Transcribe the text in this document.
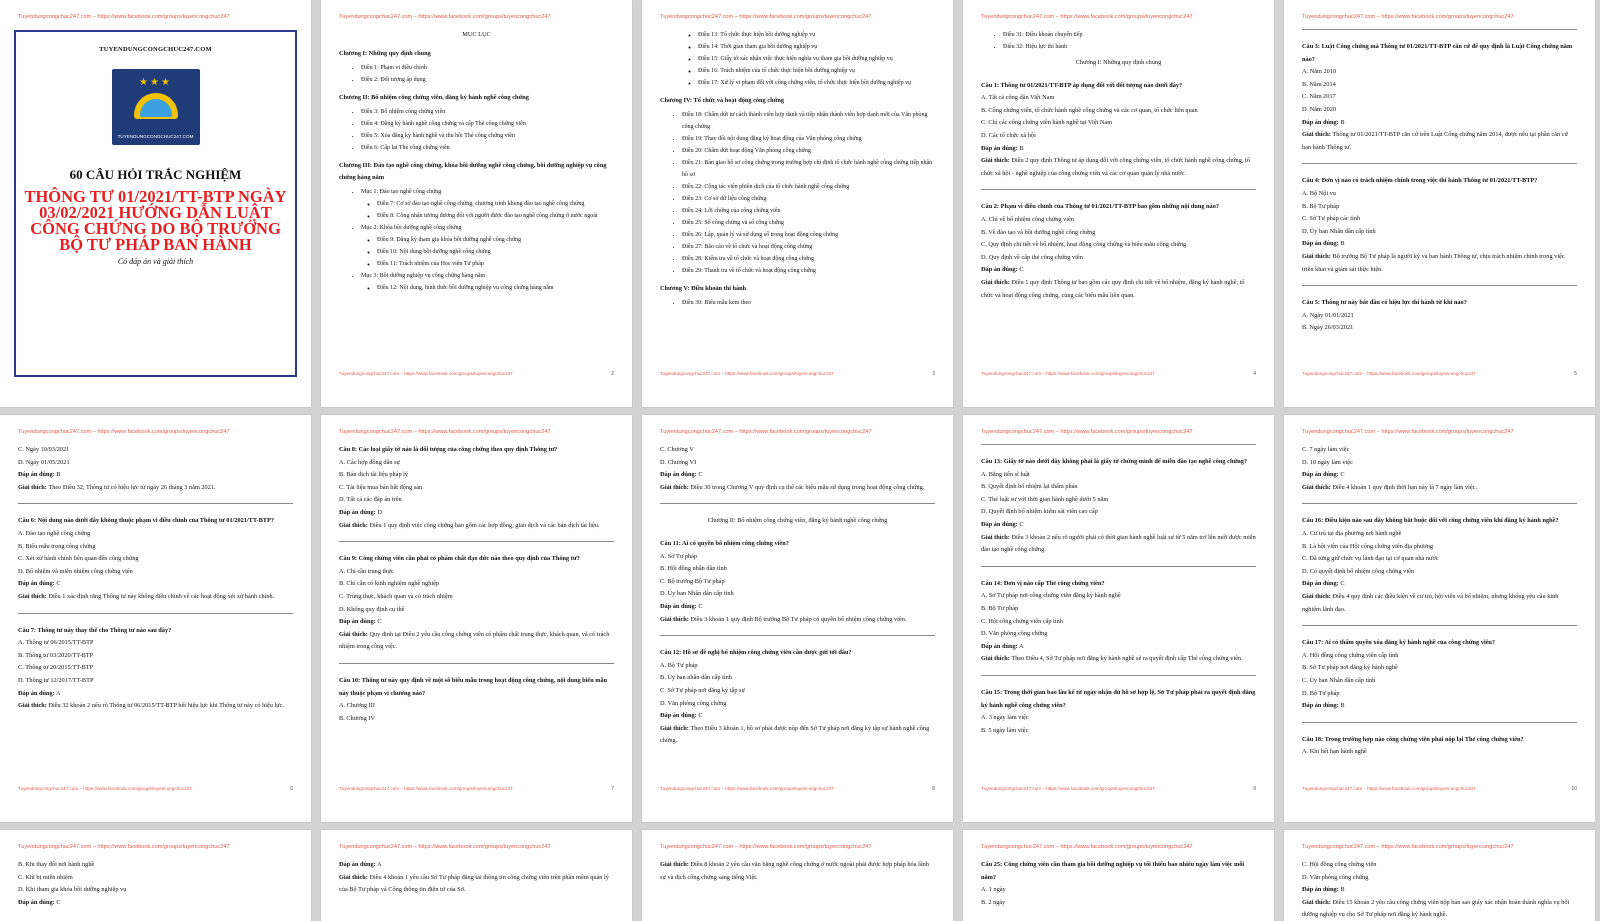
Tuyendungcongchuc247.com – https://www.facebook.com/groups/tuyencongchuc247
TUYENDUNGCONGCHUC247.COM
★★★
TUYENDUNGCONGCHUC247.COM
60 CÂU HỎI TRẮC NGHIỆM
THÔNG TƯ 01/2021/TT-BTP NGÀY 03/02/2021 HƯỚNG DẪN LUẬT CÔNG CHỨNG DO BỘ TRƯỞNG BỘ TƯ PHÁP BAN HÀNH
Có đáp án và giải thích
Tuyendungcongchuc247.com – https://www.facebook.com/groups/tuyencongchuc247

MỤC LỤC

Chương I: Những quy định chung
• Điều 1: Phạm vi điều chỉnh
• Điều 2: Đối tượng áp dụng
Chương II: Bổ nhiệm công chứng viên, đăng ký hành nghề công chứng
• Điều 3: Bổ nhiệm công chứng viên
• Điều 4: Đăng ký hành nghề công chứng và cấp Thẻ công chứng viên
• Điều 5: Xóa đăng ký hành nghề và thu hồi Thẻ công chứng viên
• Điều 6: Cấp lại Thẻ công chứng viên
Chương III: Đào tạo nghề công chứng, khóa bồi dưỡng nghề công chứng, bồi dưỡng nghiệp vụ công chứng hàng năm
• Mục 1: Đào tạo nghề công chứng
◦ Điều 7: Cơ sở đào tạo nghề công chứng, chương trình khung đào tạo nghề công chứng
◦ Điều 8: Công nhận tương đương đối với người được đào tạo nghề công chứng ở nước ngoài
• Mục 2: Khóa bồi dưỡng nghề công chứng
◦ Điều 9: Đăng ký tham gia khóa bồi dưỡng nghề công chứng
◦ Điều 10: Nội dung bồi dưỡng nghề công chứng
◦ Điều 11: Trách nhiệm của Học viên Tư pháp
• Mục 3: Bồi dưỡng nghiệp vụ công chứng hàng năm
◦ Điều 12: Nội dung, hình thức bồi dưỡng nghiệp vụ công chứng hàng năm
Tuyendungcongchuc247.com – https://www.facebook.com/groups/tuyencongchuc247	2
Tuyendungcongchuc247.com – https://www.facebook.com/groups/tuyencongchuc247
◦ Điều 13: Tổ chức thực hiện bồi dưỡng nghiệp vụ
◦ Điều 14: Thời gian tham gia bồi dưỡng nghiệp vụ
◦ Điều 15: Giấy tờ xác nhận việc thực hiện nghĩa vụ tham gia bồi dưỡng nghiệp vụ
◦ Điều 16: Trách nhiệm của tổ chức thực hiện bồi dưỡng nghiệp vụ
◦ Điều 17: Xử lý vi phạm đối với công chứng viên, tổ chức thực hiện bồi dưỡng nghiệp vụ
Chương IV: Tổ chức và hoạt động công chứng
• Điều 18: Chấm dứt tư cách thành viên hợp danh và tiếp nhận thành viên hợp danh mới của Văn phòng công chứng
• Điều 19: Thay đổi nội dung đăng ký hoạt động của Văn phòng công chứng
• Điều 20: Chấm dứt hoạt động Văn phòng công chứng
• Điều 21: Bàn giao hồ sơ công chứng trong trường hợp chỉ định tổ chức hành nghề công chứng tiếp nhận hồ sơ
• Điều 22: Cộng tác viên phiên dịch của tổ chức hành nghề công chứng
• Điều 23: Cơ sở dữ liệu công chứng
• Điều 24: Lời chứng của công chứng viên
• Điều 25: Số công chứng và sổ công chứng
• Điều 26: Lập, quản lý và sử dụng số trong hoạt động công chứng
• Điều 27: Báo cáo về tổ chức và hoạt động công chứng
• Điều 28: Kiểm tra về tổ chức và hoạt động công chứng
• Điều 29: Thanh tra về tổ chức và hoạt động công chứng
Chương V: Điều khoản thi hành
• Điều 30: Biểu mẫu kèm theo
Tuyendungcongchuc247.com – https://www.facebook.com/groups/tuyencongchuc247	3
Tuyendungcongchuc247.com – https://www.facebook.com/groups/tuyencongchuc247
• Điều 31: Điều khoản chuyển tiếp
• Điều 32: Hiệu lực thi hành

Chương I: Những quy định chung

Câu 1: Thông tư 01/2021/TT-BTP áp dụng đối với đối tượng nào dưới đây?

A. Tất cả công dân Việt Nam

B. Công chứng viên, tổ chức hành nghề công chứng và các cơ quan, tổ chức liên quan

C. Chỉ các công chứng viên hành nghề tại Việt Nam

D. Các tổ chức xã hội

Đáp án đúng: B

Giải thích: Điều 2 quy định Thông tư áp dụng đối với công chứng viên, tổ chức hành nghề công chứng, tổ chức xã hội - nghề nghiệp của công chứng viên và các cơ quan quản lý nhà nước.

Câu 2: Phạm vi điều chỉnh của Thông tư 01/2021/TT-BTP bao gồm những nội dung nào?

A. Chỉ về bổ nhiệm công chứng viên

B. Về đào tạo và bồi dưỡng nghề công chứng

C. Quy định chi tiết về bổ nhiệm, hoạt động công chứng và biểu mẫu công chứng

D. Quy định về cấp thẻ công chứng viên

Đáp án đúng: C

Giải thích: Điều 1 quy định Thông tư bao gồm các quy định chi tiết về bổ nhiệm, đăng ký hành nghề, tổ chức và hoạt động công chứng, cùng các biểu mẫu liên quan.

Tuyendungcongchuc247.com – https://www.facebook.com/groups/tuyencongchuc247	4
Tuyendungcongchuc247.com – https://www.facebook.com/groups/tuyencongchuc247

Câu 3: Luật Công chứng mà Thông tư 01/2021/TT-BTP căn cứ để quy định là Luật Công chứng năm nào?

A. Năm 2010

B. Năm 2014

C. Năm 2017

D. Năm 2020

Đáp án đúng: B

Giải thích: Thông tư 01/2021/TT-BTP căn cứ trên Luật Công chứng năm 2014, được nêu tại phần căn cứ ban hành Thông tư.

Câu 4: Đơn vị nào có trách nhiệm chính trong việc thi hành Thông tư 01/2021/TT-BTP?

A. Bộ Nội vụ

B. Bộ Tư pháp

C. Sở Tư pháp các tỉnh

D. Ủy ban Nhân dân cấp tỉnh

Đáp án đúng: B

Giải thích: Bộ trưởng Bộ Tư pháp là người ký và ban hành Thông tư, chịu trách nhiệm chính trong việc triển khai và giám sát thực hiện.

Câu 5: Thông tư này bắt đầu có hiệu lực thi hành từ khi nào?

A. Ngày 01/01/2021

B. Ngày 26/03/2021

Tuyendungcongchuc247.com – https://www.facebook.com/groups/tuyencongchuc247	5
Tuyendungcongchuc247.com – https://www.facebook.com/groups/tuyencongchuc247

C. Ngày 10/03/2021

D. Ngày 01/05/2021

Đáp án đúng: B

Giải thích: Theo Điều 32, Thông tư có hiệu lực từ ngày 26 tháng 3 năm 2021.

Câu 6: Nội dung nào dưới đây không thuộc phạm vi điều chỉnh của Thông tư 01/2021/TT-BTP?

A. Đào tạo nghề công chứng

B. Biểu mẫu trong công chứng

C. Xét xử hành chính liên quan đến công chứng

D. Bổ nhiệm và miễn nhiệm công chứng viên

Đáp án đúng: C

Giải thích: Điều 1 xác định rằng Thông tư này không điều chỉnh về các hoạt động xét xử hành chính.

Câu 7: Thông tư này thay thế cho Thông tư nào sau đây?

A. Thông tư 06/2015/TT-BTP

B. Thông tư 03/2020/TT-BTP

C. Thông tư 20/2015/TT-BTP

D. Thông tư 12/2017/TT-BTP

Đáp án đúng: A

Giải thích: Điều 32 khoản 2 nêu rõ Thông tư 06/2015/TT-BTP hết hiệu lực khi Thông tư này có hiệu lực.

Tuyendungcongchuc247.com – https://www.facebook.com/groups/tuyencongchuc247	6
Tuyendungcongchuc247.com – https://www.facebook.com/groups/tuyencongchuc247

Câu 8: Các loại giấy tờ nào là đối tượng của công chứng theo quy định Thông tư?

A. Các hợp đồng dân sự

B. Bản dịch tài liệu pháp lý

C. Tài liệu mua bán bất động sản

D. Tất cả các đáp án trên

Đáp án đúng: D

Giải thích: Điều 1 quy định việc công chứng bao gồm các hợp đồng, giao dịch và các bản dịch tài liệu.

Câu 9: Công chứng viên cần phải có phẩm chất đạo đức nào theo quy định của Thông tư?

A. Chỉ cần trung thực

B. Chỉ cần có kinh nghiệm nghề nghiệp

C. Trung thực, khách quan và có trách nhiệm

D. Không quy định cụ thể

Đáp án đúng: C

Giải thích: Quy định tại Điều 2 yêu cầu công chứng viên có phẩm chất trung thực, khách quan, và có trách nhiệm trong công việc.

Câu 10: Thông tư này quy định về một số biểu mẫu trong hoạt động công chứng, nội dung biểu mẫu này thuộc phạm vi chương nào?

A. Chương III

B. Chương IV

Tuyendungcongchuc247.com – https://www.facebook.com/groups/tuyencongchuc247	7
Tuyendungcongchuc247.com – https://www.facebook.com/groups/tuyencongchuc247

C. Chương V

D. Chương VI

Đáp án đúng: C

Giải thích: Điều 30 trong Chương V quy định cụ thể các biểu mẫu sử dụng trong hoạt động công chứng.

Chương II: Bổ nhiệm công chứng viên, đăng ký hành nghề công chứng

Câu 11: Ai có quyền bổ nhiệm công chứng viên?

A. Sở Tư pháp

B. Hội đồng nhân dân tỉnh

C. Bộ trưởng Bộ Tư pháp

D. Ủy ban Nhân dân cấp tỉnh

Đáp án đúng: C

Giải thích: Điều 3 khoản 1 quy định Bộ trưởng Bộ Tư pháp có quyền bổ nhiệm công chứng viên.

Câu 12: Hồ sơ đề nghị bổ nhiệm công chứng viên cần được gửi tới đâu?

A. Bộ Tư pháp

B. Ủy ban nhân dân cấp tỉnh

C. Sở Tư pháp nơi đăng ký tập sự

D. Văn phòng công chứng

Đáp án đúng: C

Giải thích: Theo Điều 3 khoản 1, hồ sơ phải được nộp đến Sở Tư pháp nơi đăng ký tập sự hành nghề công chứng.

Tuyendungcongchuc247.com – https://www.facebook.com/groups/tuyencongchuc247	8
Tuyendungcongchuc247.com – https://www.facebook.com/groups/tuyencongchuc247

Câu 13: Giấy tờ nào dưới đây không phải là giấy tờ chứng minh để miễn đào tạo nghề công chứng?

A. Bằng tiến sĩ luật

B. Quyết định bổ nhiệm lại thẩm phán

C. Thẻ luật sư với thời gian hành nghề dưới 5 năm

D. Quyết định bổ nhiệm kiểm sát viên cao cấp

Đáp án đúng: C

Giải thích: Điều 3 khoản 2 nêu rõ người phải có thời gian hành nghề luật sư từ 5 năm trở lên mới được miễn đào tạo nghề công chứng.

Câu 14: Đơn vị nào cấp Thẻ công chứng viên?

A. Sở Tư pháp nơi công chứng viên đăng ký hành nghề

B. Bộ Tư pháp

C. Hội công chứng viên cấp tỉnh

D. Văn phòng công chứng

Đáp án đúng: A

Giải thích: Theo Điều 4, Sở Tư pháp nơi đăng ký hành nghề sẽ ra quyết định cấp Thẻ công chứng viên.

Câu 15: Trong thời gian bao lâu kể từ ngày nhận đủ hồ sơ hợp lệ, Sở Tư pháp phải ra quyết định đăng ký hành nghề công chứng viên?

A. 3 ngày làm việc

B. 5 ngày làm việc

Tuyendungcongchuc247.com – https://www.facebook.com/groups/tuyencongchuc247	9
Tuyendungcongchuc247.com – https://www.facebook.com/groups/tuyencongchuc247

C. 7 ngày làm việc

D. 10 ngày làm việc

Đáp án đúng: C

Giải thích: Điều 4 khoản 1 quy định thời hạn này là 7 ngày làm việc.

Câu 16: Điều kiện nào sau đây không bắt buộc đối với công chứng viên khi đăng ký hành nghề?

A. Cư trú tại địa phương nơi hành nghề

B. Là hội viên của Hội công chứng viên địa phương

C. Đã từng giữ chức vụ lãnh đạo tại cơ quan nhà nước

D. Có quyết định bổ nhiệm công chứng viên

Đáp án đúng: C

Giải thích: Điều 4 quy định các điều kiện về cư trú, hội viên và bổ nhiệm, nhưng không yêu cầu kinh nghiệm lãnh đạo.

Câu 17: Ai có thẩm quyền xóa đăng ký hành nghề của công chứng viên?

A. Hội đồng công chứng viên cấp tỉnh

B. Sở Tư pháp nơi đăng ký hành nghề

C. Ủy ban Nhân dân cấp tỉnh

D. Bộ Tư pháp

Đáp án đúng: B

Câu 18: Trong trường hợp nào công chứng viên phải nộp lại Thẻ công chứng viên?

A. Khi hết hạn hành nghề

Tuyendungcongchuc247.com – https://www.facebook.com/groups/tuyencongchuc247	10
Tuyendungcongchuc247.com – https://www.facebook.com/groups/tuyencongchuc247

B. Khi thay đổi nơi hành nghề

C. Khi bị miễn nhiệm

D. Khi tham gia khóa bồi dưỡng nghiệp vụ

Đáp án đúng: C

Tuyendungcongchuc247.com – https://www.facebook.com/groups/tuyencongchuc247

Đáp án đúng: A

Giải thích: Điều 4 khoản 1 yêu cầu Sở Tư pháp đăng tải thông tin công chứng viên trên phần mềm quản lý của Bộ Tư pháp và Cổng thông tin điện tử của Sở.

Tuyendungcongchuc247.com – https://www.facebook.com/groups/tuyencongchuc247

Giải thích: Điều 8 khoản 2 yêu cầu văn bằng nghề công chứng ở nước ngoài phải được hợp pháp hóa lãnh sự và dịch công chứng sang tiếng Việt.

Tuyendungcongchuc247.com – https://www.facebook.com/groups/tuyencongchuc247

Câu 25: Công chứng viên cần tham gia bồi dưỡng nghiệp vụ tối thiểu bao nhiêu ngày làm việc mỗi năm?

A. 1 ngày

B. 2 ngày

Tuyendungcongchuc247.com – https://www.facebook.com/groups/tuyencongchuc247

C. Hội đồng công chứng viên

D. Văn phòng công chứng

Đáp án đúng: B

Giải thích: Điều 15 khoản 2 yêu cầu công chứng viên nộp bản sao giấy xác nhận hoàn thành nghĩa vụ bồi dưỡng nghiệp vụ cho Sở Tư pháp nơi đăng ký hành nghề.
